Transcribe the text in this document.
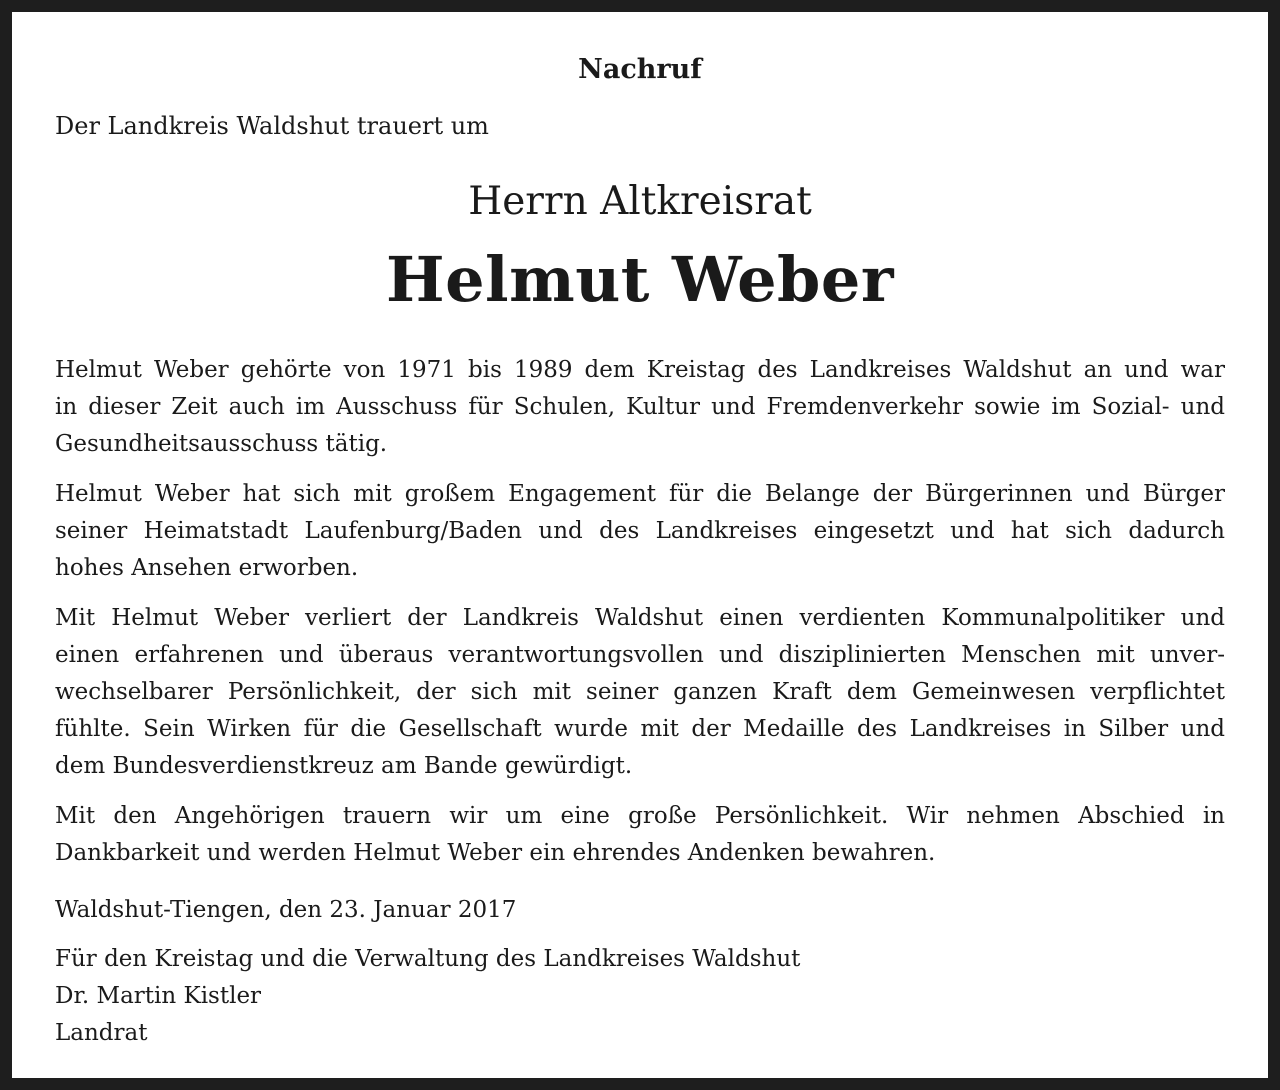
Nachruf
Der Landkreis Waldshut trauert um
Herrn Altkreisrat
Helmut Weber

Helmut Weber gehörte von 1971 bis 1989 dem Kreistag des Landkreises Waldshut an und war
in dieser Zeit auch im Ausschuss für Schulen, Kultur und Fremdenverkehr sowie im Sozial- und
Gesundheitsausschuss tätig.

Helmut Weber hat sich mit großem Engagement für die Belange der Bürgerinnen und Bürger
seiner Heimatstadt Laufenburg/Baden und des Landkreises eingesetzt und hat sich dadurch
hohes Ansehen erworben.

Mit Helmut Weber verliert der Landkreis Waldshut einen verdienten Kommunalpolitiker und
einen erfahrenen und überaus verantwortungsvollen und disziplinierten Menschen mit unver-
wechselbarer Persönlichkeit, der sich mit seiner ganzen Kraft dem Gemeinwesen verpflichtet
fühlte. Sein Wirken für die Gesellschaft wurde mit der Medaille des Landkreises in Silber und
dem Bundesverdienstkreuz am Bande gewürdigt.

Mit den Angehörigen trauern wir um eine große Persönlichkeit. Wir nehmen Abschied in
Dankbarkeit und werden Helmut Weber ein ehrendes Andenken bewahren.

Waldshut-Tiengen, den 23. Januar 2017
Für den Kreistag und die Verwaltung des Landkreises Waldshut
Dr. Martin Kistler
Landrat
